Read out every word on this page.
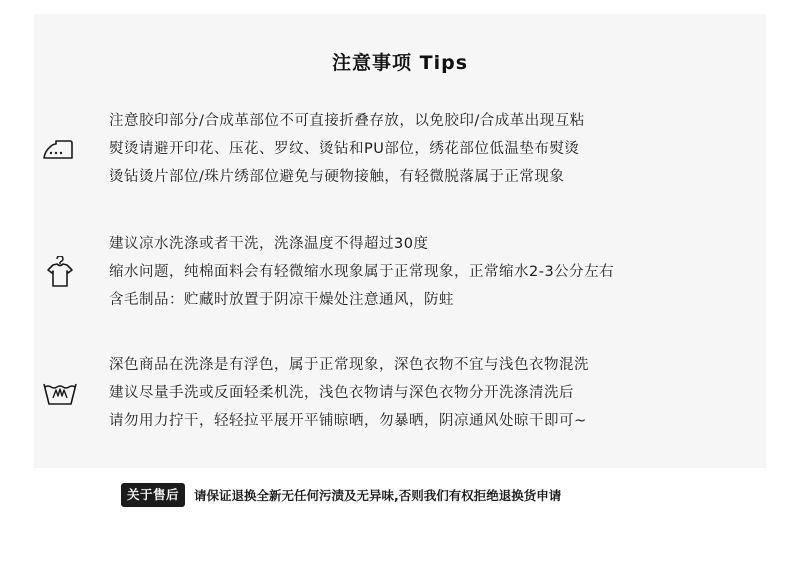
注意事项 Tips
注意胶印部分/合成革部位不可直接折叠存放，以免胶印/合成革出现互粘
熨烫请避开印花、压花、罗纹、烫钻和PU部位，绣花部位低温垫布熨烫
烫钻烫片部位/珠片绣部位避免与硬物接触，有轻微脱落属于正常现象
建议凉水洗涤或者干洗，洗涤温度不得超过30度
缩水问题，纯棉面料会有轻微缩水现象属于正常现象，正常缩水2-3公分左右
含毛制品：贮藏时放置于阴凉干燥处注意通风，防蛀
深色商品在洗涤是有浮色，属于正常现象，深色衣物不宜与浅色衣物混洗
建议尽量手洗或反面轻柔机洗，浅色衣物请与深色衣物分开洗涤清洗后
请勿用力拧干，轻轻拉平展开平铺晾晒，勿暴晒，阴凉通风处晾干即可~
关于售后	请保证退换全新无任何污渍及无异味,否则我们有权拒绝退换货申请
